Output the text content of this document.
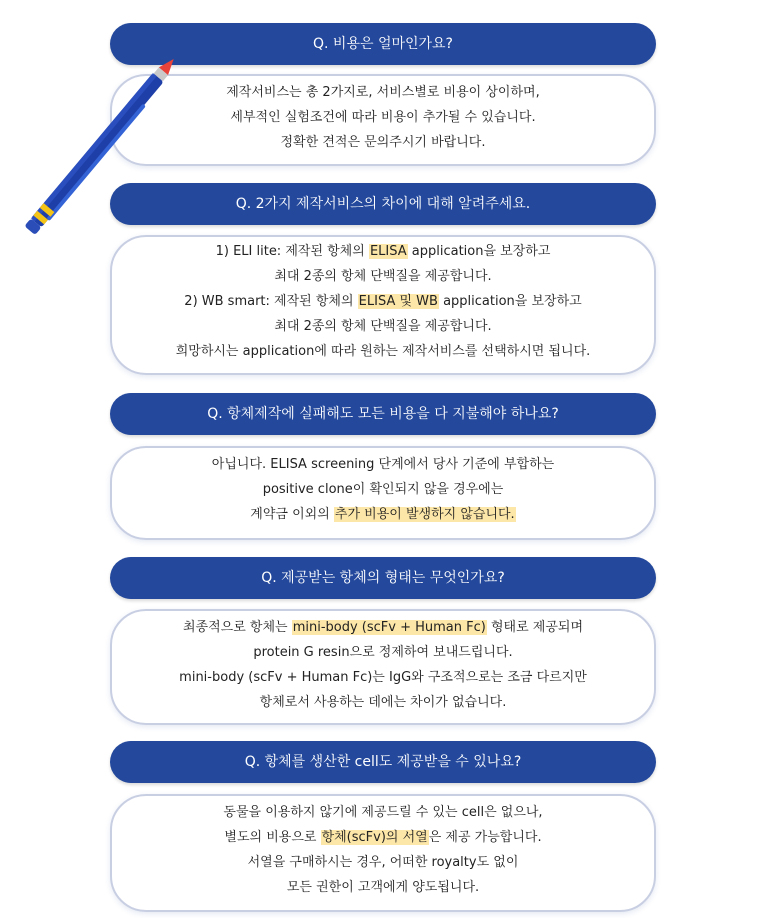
Q. 비용은 얼마인가요?

제작서비스는 총 2가지로, 서비스별로 비용이 상이하며,

세부적인 실험조건에 따라 비용이 추가될 수 있습니다.

정확한 견적은 문의주시기 바랍니다.

Q. 2가지 제작서비스의 차이에 대해 알려주세요.

1) ELI lite: 제작된 항체의 ELISA application을 보장하고

최대 2종의 항체 단백질을 제공합니다.

2) WB smart: 제작된 항체의 ELISA 및 WB application을 보장하고

최대 2종의 항체 단백질을 제공합니다.

희망하시는 application에 따라 원하는 제작서비스를 선택하시면 됩니다.

Q. 항체제작에 실패해도 모든 비용을 다 지불해야 하나요?

아닙니다. ELISA screening 단계에서 당사 기준에 부합하는

positive clone이 확인되지 않을 경우에는

계약금 이외의 추가 비용이 발생하지 않습니다.

Q. 제공받는 항체의 형태는 무엇인가요?

최종적으로 항체는 mini-body (scFv + Human Fc) 형태로 제공되며

protein G resin으로 정제하여 보내드립니다.

mini-body (scFv + Human Fc)는 IgG와 구조적으로는 조금 다르지만

항체로서 사용하는 데에는 차이가 없습니다.

Q. 항체를 생산한 cell도 제공받을 수 있나요?

동물을 이용하지 않기에 제공드릴 수 있는 cell은 없으나,

별도의 비용으로 항체(scFv)의 서열은 제공 가능합니다.

서열을 구매하시는 경우, 어떠한 royalty도 없이

모든 권한이 고객에게 양도됩니다.
